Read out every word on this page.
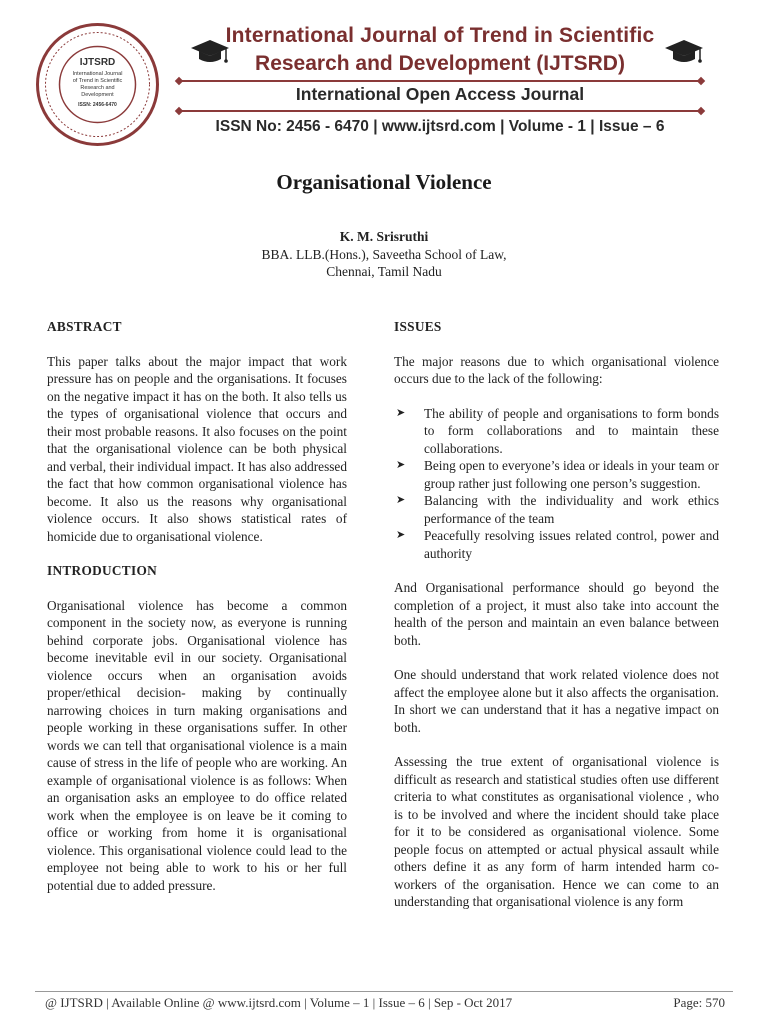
IJTSRD
International Journal
of Trend in Scientific
Research and
Development
ISSN: 2456-6470
International Journal of Trend in Scientific
Research and Development (IJTSRD)
International Open Access Journal
ISSN No: 2456 - 6470 | www.ijtsrd.com | Volume - 1 | Issue – 6
Organisational Violence
K. M. Srisruthi
BBA. LLB.(Hons.), Saveetha School of Law,
Chennai, Tamil Nadu
ABSTRACT

This paper talks about the major impact that work pressure has on people and the organisations. It focuses on the negative impact it has on the both. It also tells us the types of organisational violence that occurs and their most probable reasons. It also focuses on the point that the organisational violence can be both physical and verbal, their individual impact. It has also addressed the fact that how common organisational violence has become. It also us the reasons why organisational violence occurs. It also shows statistical rates of homicide due to organisational violence.

INTRODUCTION

Organisational violence has become a common component in the society now, as everyone is running behind corporate jobs. Organisational violence has become inevitable evil in our society. Organisational violence occurs when an organisation avoids proper/ethical decision- making by continually narrowing choices in turn making organisations and people working in these organisations suffer. In other words we can tell that organisational violence is a main cause of stress in the life of people who are working. An example of organisational violence is as follows: When an organisation asks an employee to do office related work when the employee is on leave be it coming to office or working from home it is organisational violence. This organisational violence could lead to the employee not being able to work to his or her full potential due to added pressure.

ISSUES

The major reasons due to which organisational violence occurs due to the lack of the following:

➤ The ability of people and organisations to form bonds to form collaborations and to maintain these collaborations.
➤ Being open to everyone’s idea or ideals in your team or group rather just following one person’s suggestion.
➤ Balancing with the individuality and work ethics performance of the team
➤ Peacefully resolving issues related control, power and authority

And Organisational performance should go beyond the completion of a project, it must also take into account the health of the person and maintain an even balance between both.

One should understand that work related violence does not affect the employee alone but it also affects the organisation. In short we can understand that it has a negative impact on both.

Assessing the true extent of organisational violence is difficult as research and statistical studies often use different criteria to what constitutes as organisational violence , who is to be involved and where the incident should take place for it to be considered as organisational violence. Some people focus on attempted or actual physical assault while others define it as any form of harm intended harm co-workers of the organisation. Hence we can come to an understanding that organisational violence is any form

@ IJTSRD | Available Online @ www.ijtsrd.com | Volume – 1 | Issue – 6 | Sep - Oct 2017	Page: 570
